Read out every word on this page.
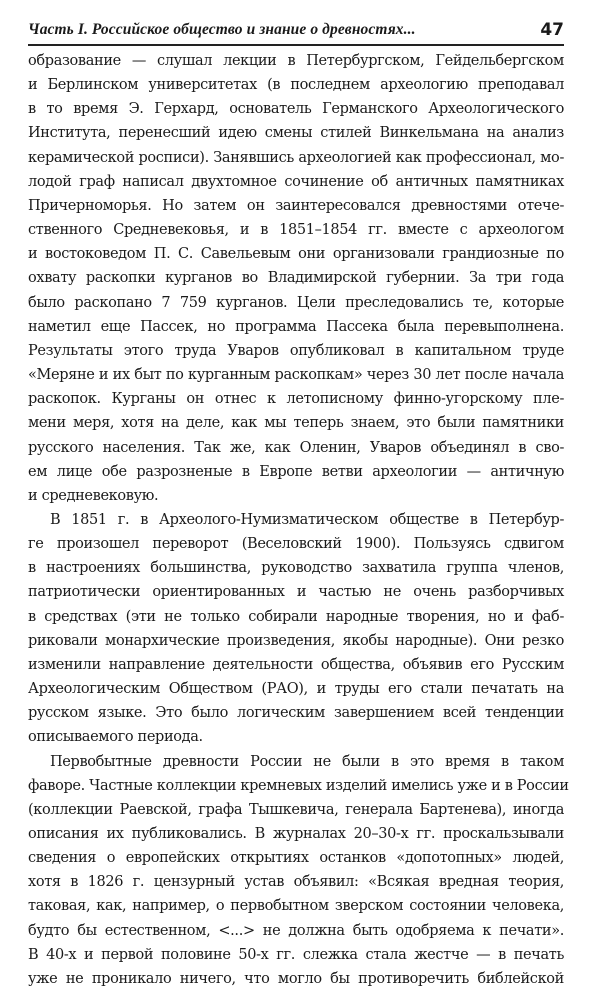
Часть I. Российское общество и знание о древностях...	47
образование — слушал лекции в Петербургском, Гейдельбергском
и Берлинском университетах (в последнем археологию преподавал
в то время Э. Герхард, основатель Германского Археологического
Института, перенесший идею смены стилей Винкельмана на анализ
керамической росписи). Занявшись археологией как профессионал, мо-
лодой граф написал двухтомное сочинение об античных памятниках
Причерноморья. Но затем он заинтересовался древностями отече-
ственного Средневековья, и в 1851–1854 гг. вместе с археологом
и востоковедом П. С. Савельевым они организовали грандиозные по
охвату раскопки курганов во Владимирской губернии. За три года
было раскопано 7 759 курганов. Цели преследовались те, которые
наметил еще Пассек, но программа Пассека была перевыполнена.
Результаты этого труда Уваров опубликовал в капитальном труде
«Меряне и их быт по курганным раскопкам» через 30 лет после начала
раскопок. Курганы он отнес к летописному финно-угорскому пле-
мени меря, хотя на деле, как мы теперь знаем, это были памятники
русского населения. Так же, как Оленин, Уваров объединял в сво-
ем лице обе разрозненые в Европе ветви археологии — античную
и средневековую.
В 1851 г. в Археолого-Нумизматическом обществе в Петербур-
ге произошел переворот (Веселовский 1900). Пользуясь сдвигом
в настроениях большинства, руководство захватила группа членов,
патриотически ориентированных и частью не очень разборчивых
в средствах (эти не только собирали народные творения, но и фаб-
риковали монархические произведения, якобы народные). Они резко
изменили направление деятельности общества, объявив его Русским
Археологическим Обществом (РАО), и труды его стали печатать на
русском языке. Это было логическим завершением всей тенденции
описываемого периода.
Первобытные древности России не были в это время в таком
фаворе. Частные коллекции кремневых изделий имелись уже и в России
(коллекции Раевской, графа Тышкевича, генерала Бартенева), иногда
описания их публиковались. В журналах 20–30-х гг. проскальзывали
сведения о европейских открытиях останков «допотопных» людей,
хотя в 1826 г. цензурный устав объявил: «Всякая вредная теория,
таковая, как, например, о первобытном зверском состоянии человека,
будто бы естественном, <...> не должна быть одобряема к печати».
В 40-х и первой половине 50-х гг. слежка стала жестче — в печать
уже не проникало ничего, что могло бы противоречить библейской
